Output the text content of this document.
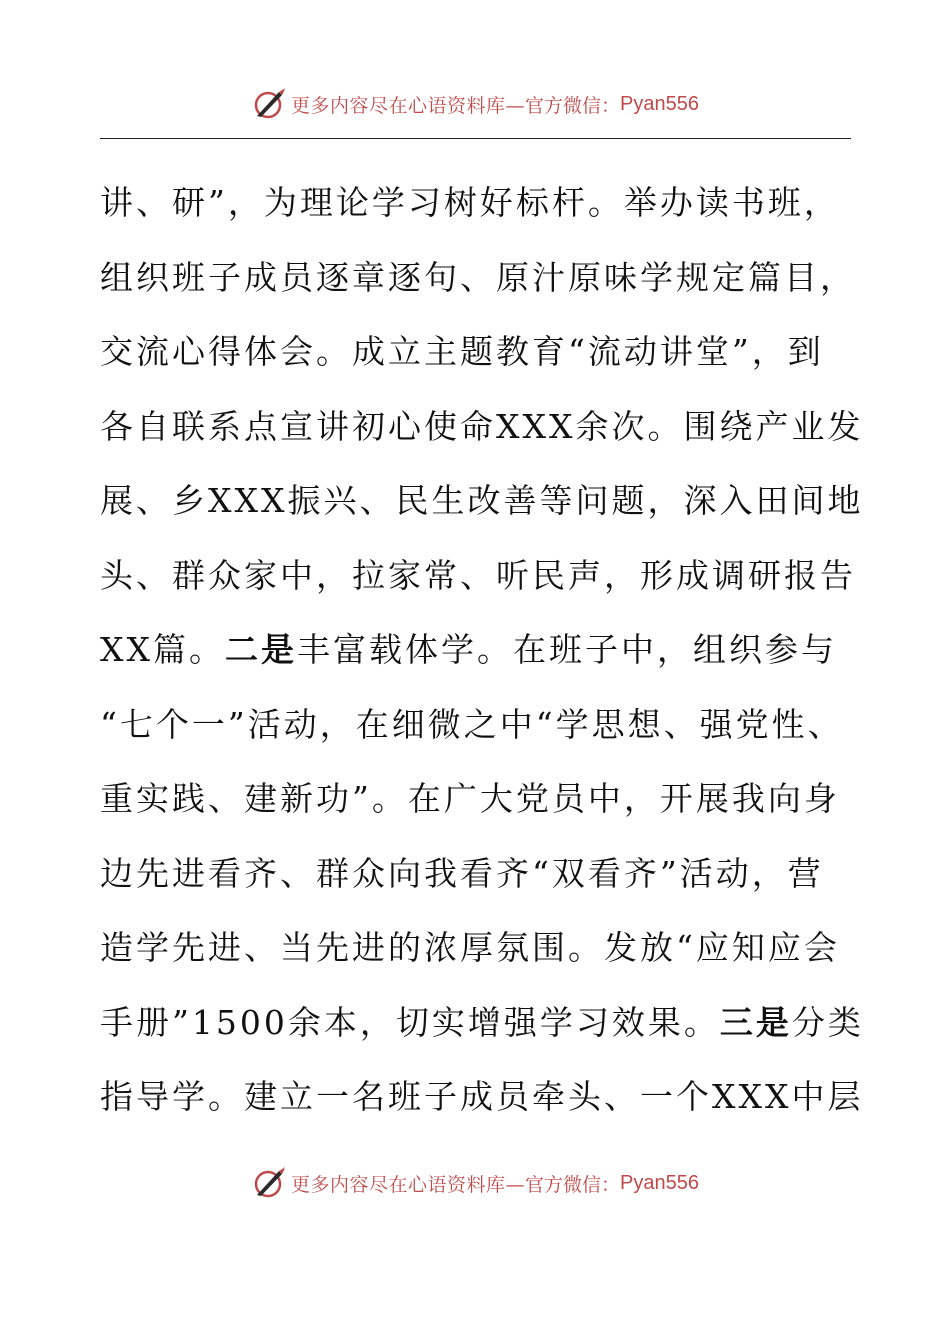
更多内容尽在心语资料库— 官方微信： Pyan556
讲、研”，为理论学习树好标杆。举办读书班，
组织班子成员逐章逐句、原汁原味学规定篇目，
交流心得体会。成立主题教育“流动讲堂”，到
各自联系点宣讲初心使命XXX余次。围绕产业发
展、乡XXX振兴、民生改善等问题，深入田间地
头、群众家中，拉家常、听民声，形成调研报告
XX篇。二是丰富载体学。在班子中，组织参与
“七个一”活动，在细微之中“学思想、强党性、
重实践、建新功”。在广大党员中，开展我向身
边先进看齐、群众向我看齐“双看齐”活动，营
造学先进、当先进的浓厚氛围。发放“应知应会
手册”1500余本，切实增强学习效果。三是分类
指导学。建立一名班子成员牵头、一个XXX中层
更多内容尽在心语资料库— 官方微信： Pyan556
